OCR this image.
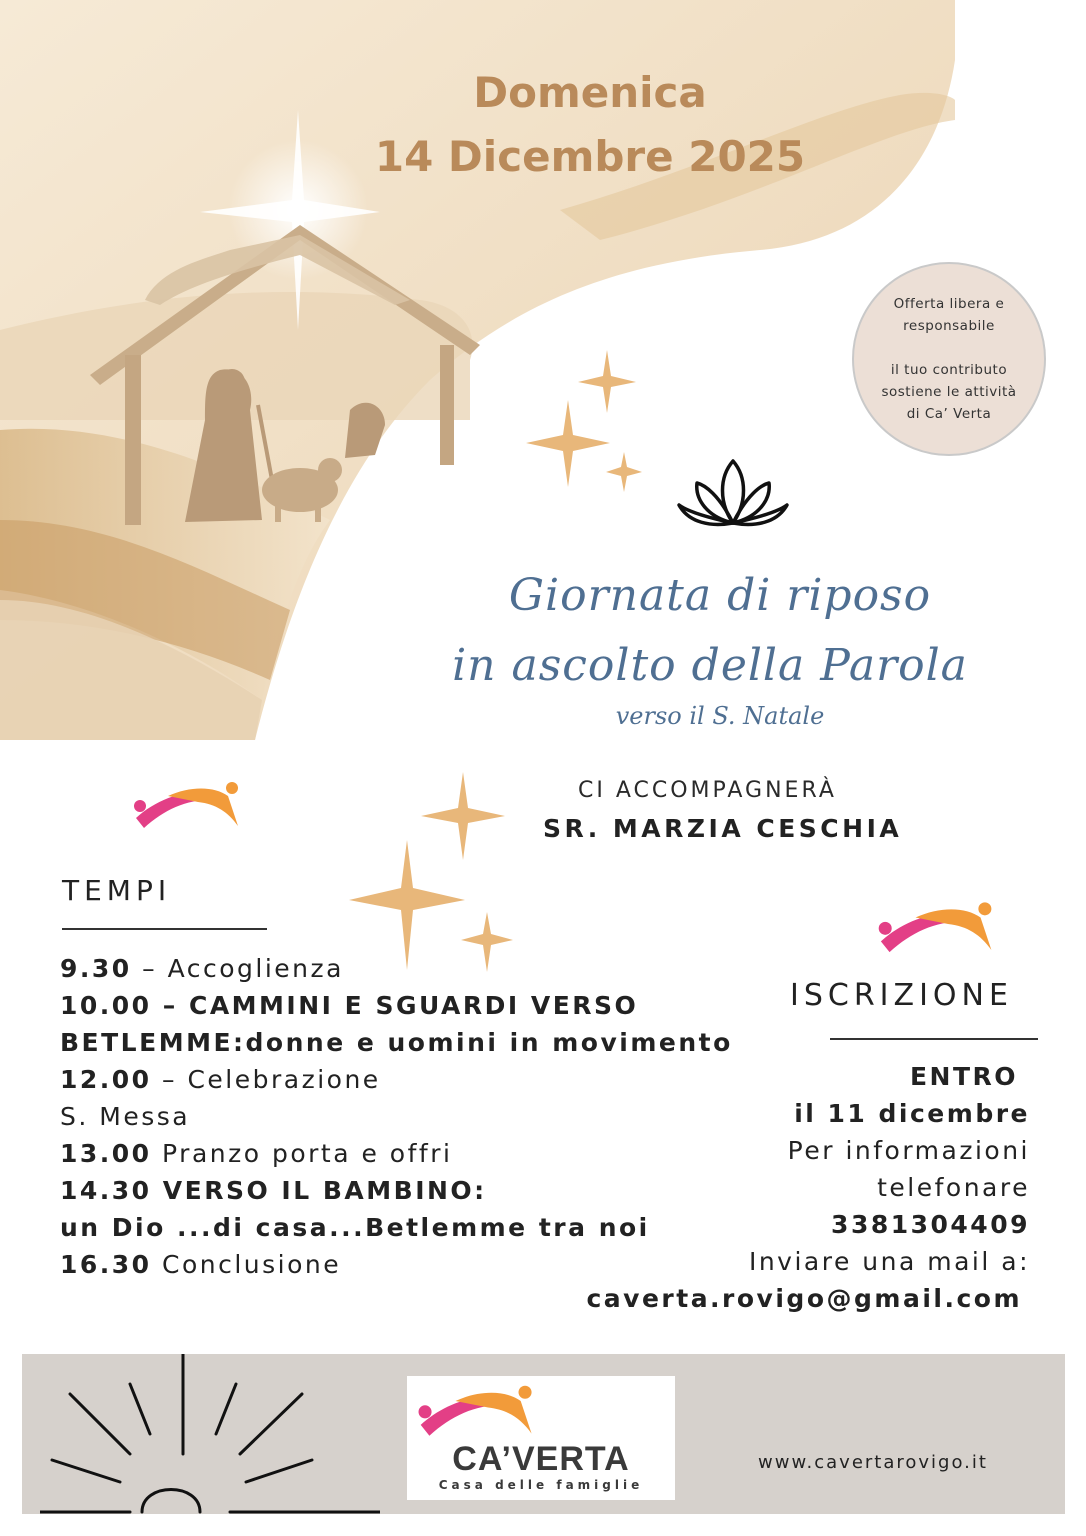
Domenica
14 Dicembre 2025
Offerta libera e
responsabile
il tuo contributo
sostiene le attività
di Ca’ Verta
Giornata di riposo
in ascolto della Parola
verso il S. Natale
CI ACCOMPAGNERÀ
SR. MARZIA CESCHIA
TEMPI
9.30 – Accoglienza
10.00 – CAMMINI E SGUARDI VERSO
BETLEMME:donne e uomini in movimento
12.00 – Celebrazione
S. Messa
13.00 Pranzo porta e offri
14.30 VERSO IL BAMBINO:
un Dio ...di casa...Betlemme tra noi
16.30 Conclusione
ISCRIZIONE
ENTRO
il 11 dicembre
Per informazioni
telefonare
3381304409
Inviare una mail a:
caverta.rovigo@gmail.com
CA’VERTA
Casa delle famiglie
www.cavertarovigo.it
